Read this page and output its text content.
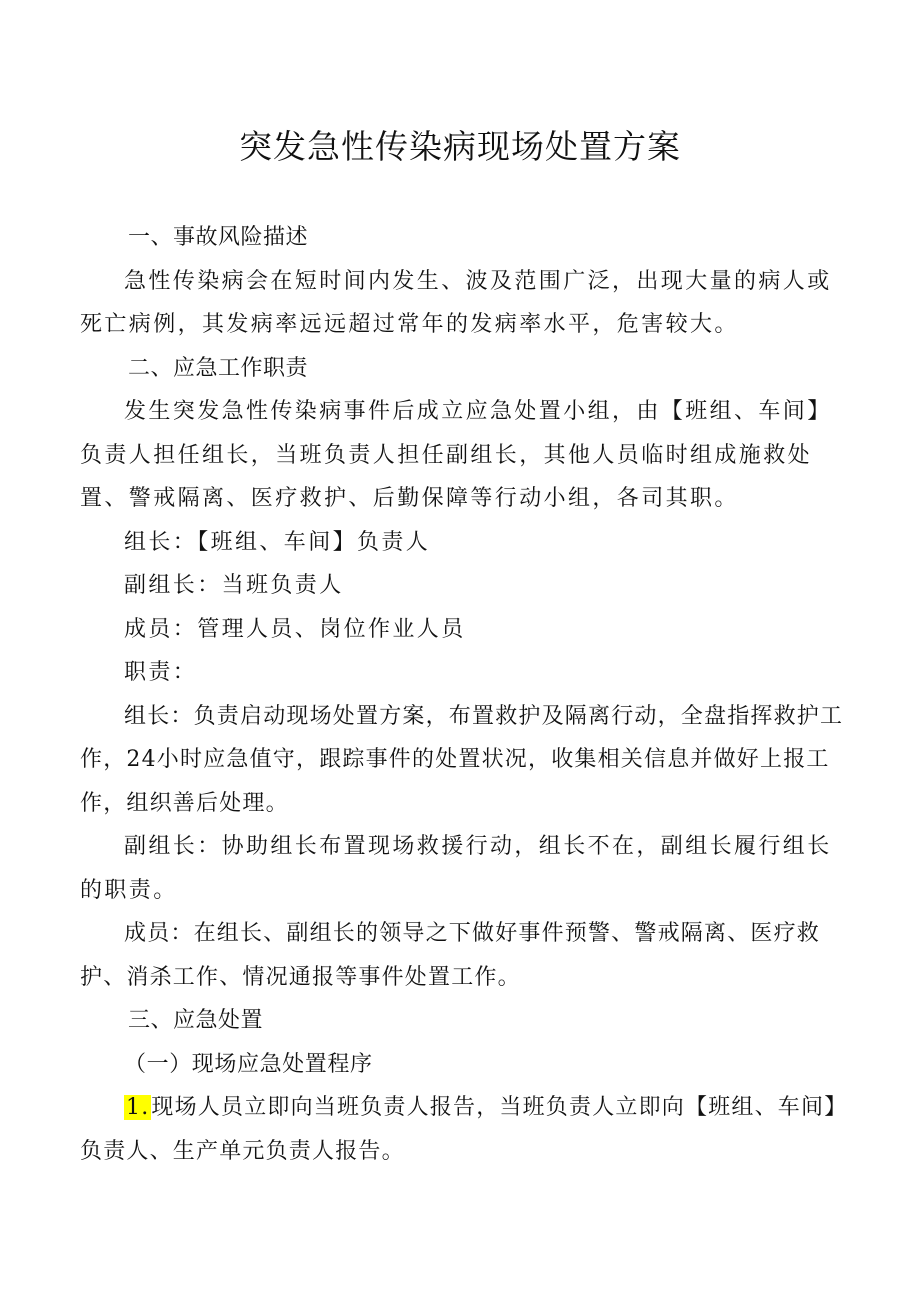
突发急性传染病现场处置方案

一、事故风险描述

急性传染病会在短时间内发生、波及范围广泛，出现大量的病人或死亡病例，其发病率远远超过常年的发病率水平，危害较大。

二、应急工作职责

发生突发急性传染病事件后成立应急处置小组，由【班组、车间】负责人担任组长，当班负责人担任副组长，其他人员临时组成施救处置、警戒隔离、医疗救护、后勤保障等行动小组，各司其职。

组长：【班组、车间】负责人

副组长：当班负责人

成员：管理人员、岗位作业人员

职责：

组长：负责启动现场处置方案，布置救护及隔离行动，全盘指挥救护工作，24小时应急值守，跟踪事件的处置状况，收集相关信息并做好上报工作，组织善后处理。

副组长：协助组长布置现场救援行动，组长不在，副组长履行组长的职责。

成员：在组长、副组长的领导之下做好事件预警、警戒隔离、医疗救护、消杀工作、情况通报等事件处置工作。

三、应急处置

（一）现场应急处置程序

1.现场人员立即向当班负责人报告，当班负责人立即向【班组、车间】负责人、生产单元负责人报告。
